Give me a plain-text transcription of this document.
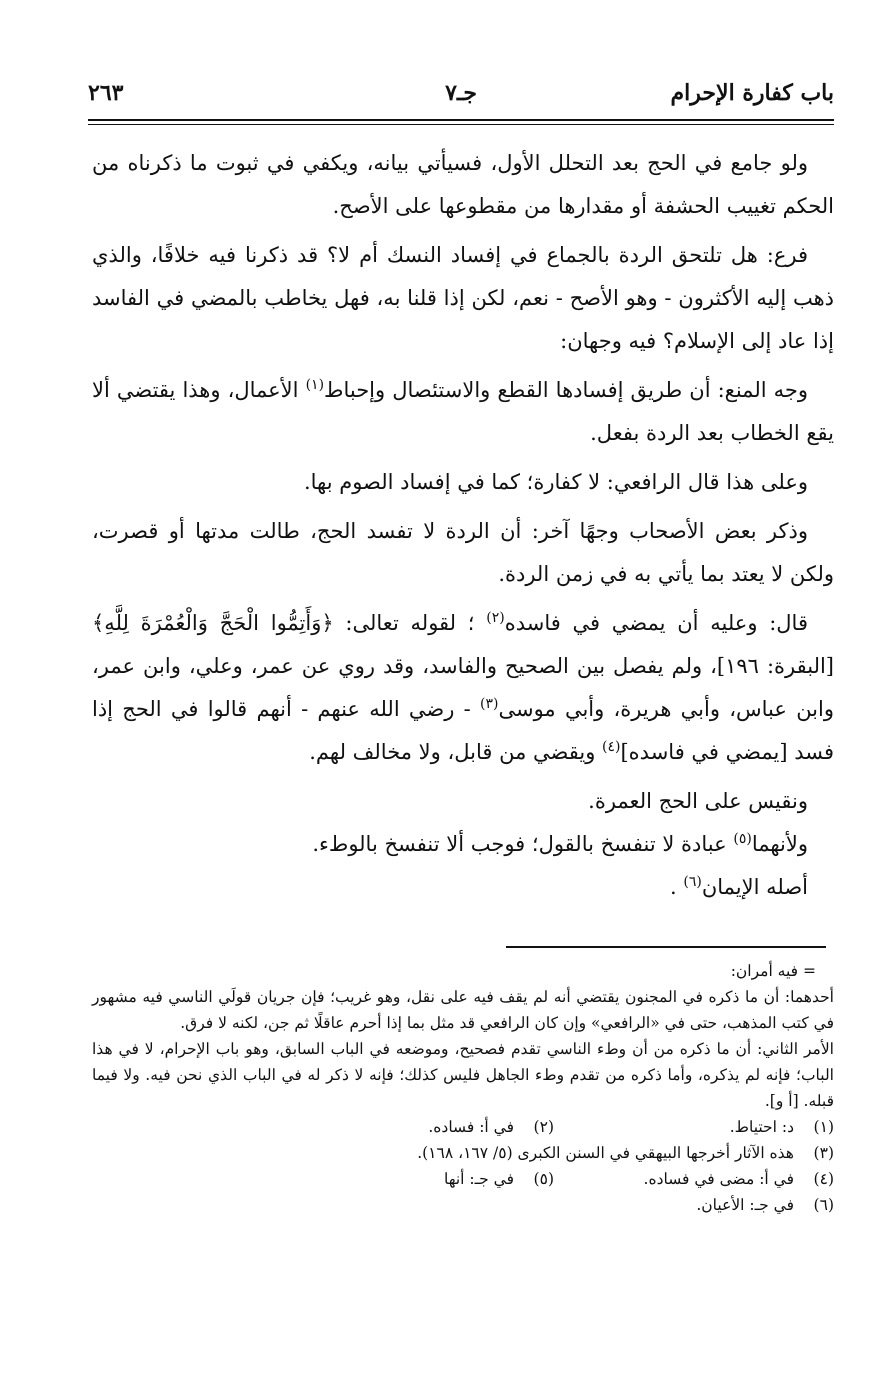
باب كفارة الإحرام
جـ٧
٢٦٣

ولو جامع في الحج بعد التحلل الأول، فسيأتي بيانه، ويكفي في ثبوت ما ذكرناه من الحكم تغييب الحشفة أو مقدارها من مقطوعها على الأصح.

فرع: هل تلتحق الردة بالجماع في إفساد النسك أم لا؟ قد ذكرنا فيه خلافًا، والذي ذهب إليه الأكثرون - وهو الأصح - نعم، لكن إذا قلنا به، فهل يخاطب بالمضي في الفاسد إذا عاد إلى الإسلام؟ فيه وجهان:

وجه المنع: أن طريق إفسادها القطع والاستئصال وإحباط$^{(١)}$ الأعمال، وهذا يقتضي ألا يقع الخطاب بعد الردة بفعل.

وعلى هذا قال الرافعي: لا كفارة؛ كما في إفساد الصوم بها.

وذكر بعض الأصحاب وجهًا آخر: أن الردة لا تفسد الحج، طالت مدتها أو قصرت، ولكن لا يعتد بما يأتي به في زمن الردة.

قال: وعليه أن يمضي في فاسده$^{(٢)}$ ؛ لقوله تعالى: ﴿وَأَتِمُّوا الْحَجَّ وَالْعُمْرَةَ لِلَّهِ﴾ [البقرة: ١٩٦]، ولم يفصل بين الصحيح والفاسد، وقد روي عن عمر، وعلي، وابن عمر، وابن عباس، وأبي هريرة، وأبي موسى$^{(٣)}$ - رضي الله عنهم - أنهم قالوا في الحج إذا فسد [يمضي في فاسده]$^{(٤)}$ ويقضي من قابل، ولا مخالف لهم.

ونقيس على الحج العمرة.

ولأنهما$^{(٥)}$ عبادة لا تنفسخ بالقول؛ فوجب ألا تنفسخ بالوطء.

أصله الإيمان$^{(٦)}$ .

= فيه أمران:

أحدهما: أن ما ذكره في المجنون يقتضي أنه لم يقف فيه على نقل، وهو غريب؛ فإن جريان قولَي الناسي فيه مشهور في كتب المذهب، حتى في «الرافعي» وإن كان الرافعي قد مثل بما إذا أحرم عاقلًا ثم جن، لكنه لا فرق.

الأمر الثاني: أن ما ذكره من أن وطء الناسي تقدم فصحيح، وموضعه في الباب السابق، وهو باب الإحرام، لا في هذا الباب؛ فإنه لم يذكره، وأما ذكره من تقدم وطء الجاهل فليس كذلك؛ فإنه لا ذكر له في الباب الذي نحن فيه. ولا فيما قبله. [أ و].

(١)
د: احتياط.
(٢)
في أ: فساده.
(٣)
هذه الآثار أخرجها البيهقي في السنن الكبرى (٥/ ١٦٧، ١٦٨).
(٤)
في أ: مضى في فساده.
(٥)
في جـ: أنها
(٦)
في جـ: الأعيان.
